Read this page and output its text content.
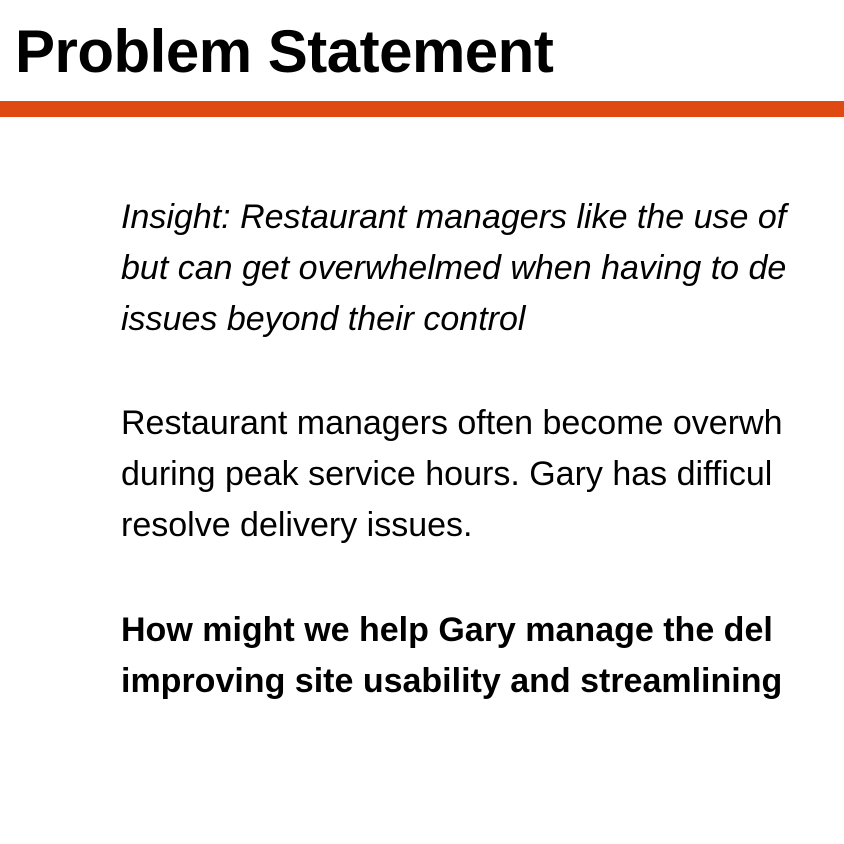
Problem Statement

Insight: Restaurant managers like the use of
but can get overwhelmed when having to de
issues beyond their control

Restaurant managers often become overwh
during peak service hours. Gary has difficul
resolve delivery issues.

How might we help Gary manage the del
improving site usability and streamlining
